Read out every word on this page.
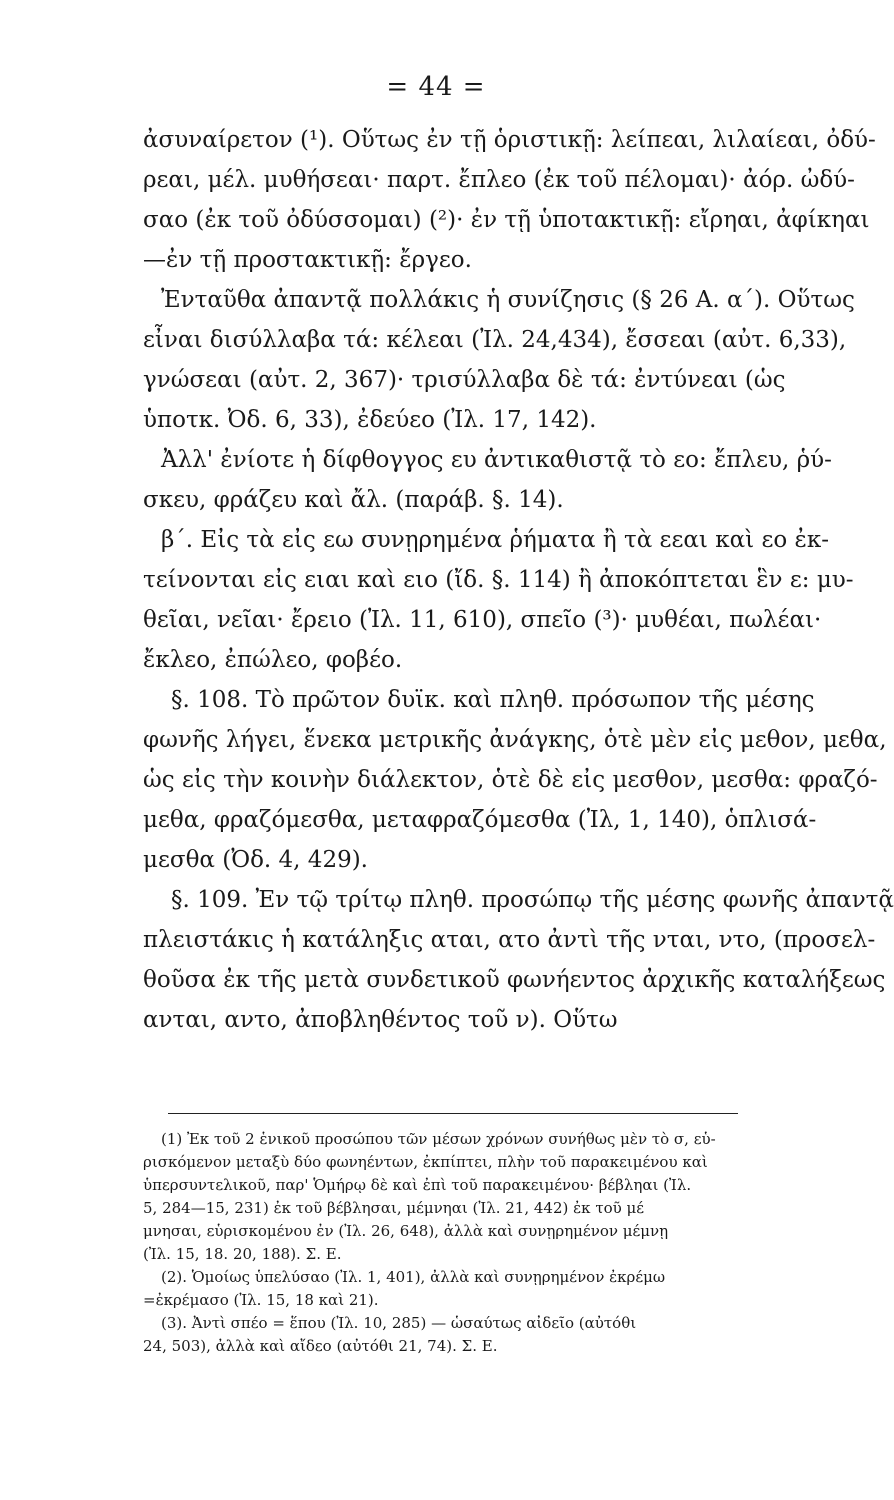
= 44 =
ἀσυναίρετον (¹). Οὕτως ἐν τῇ ὁριστικῇ: λείπεαι, λιλαίεαι, ὀδύ-
ρεαι, μέλ. μυθήσεαι· παρτ. ἔπλεο (ἐκ τοῦ πέλομαι)· ἀόρ. ὠδύ-
σαο (ἐκ τοῦ ὀδύσσομαι) (²)· ἐν τῇ ὑποτακτικῇ: εἴρηαι, ἀφίκηαι
—ἐν τῇ προστακτικῇ: ἔργεο.
Ἐνταῦθα ἀπαντᾷ πολλάκις ἡ συνίζησις (§ 26 Α. α΄). Οὕτως
εἶναι δισύλλαβα τά: κέλεαι (Ἰλ. 24,434), ἔσσεαι (αὐτ. 6,33),
γνώσεαι (αὐτ. 2, 367)· τρισύλλαβα δὲ τά: ἐντύνεαι (ὡς
ὑποτκ. Ὀδ. 6, 33), ἐδεύεο (Ἰλ. 17, 142).
Ἀλλ' ἐνίοτε ἡ δίφθογγος ευ ἀντικαθιστᾷ τὸ εο: ἔπλευ, ῥύ-
σκευ, φράζευ καὶ ἄλ. (παράβ. §. 14).
β΄. Εἰς τὰ εἰς εω συνῃρημένα ῥήματα ἢ τὰ εεαι καὶ εο ἐκ-
τείνονται εἰς ειαι καὶ ειο (ἴδ. §. 114) ἢ ἀποκόπτεται ἓν ε: μυ-
θεῖαι, νεῖαι· ἔρειο (Ἰλ. 11, 610), σπεῖο (³)· μυθέαι, πωλέαι·
ἔκλεο, ἐπώλεο, φοβέο.
§. 108. Τὸ πρῶτον δυϊκ. καὶ πληθ. πρόσωπον τῆς μέσης
φωνῆς λήγει, ἕνεκα μετρικῆς ἀνάγκης, ὁτὲ μὲν εἰς μεθον, μεθα,
ὡς εἰς τὴν κοινὴν διάλεκτον, ὁτὲ δὲ εἰς μεσθον, μεσθα: φραζό-
μεθα, φραζόμεσθα, μεταφραζόμεσθα (Ἰλ, 1, 140), ὁπλισά-
μεσθα (Ὀδ. 4, 429).
§. 109. Ἐν τῷ τρίτῳ πληθ. προσώπῳ τῆς μέσης φωνῆς ἀπαντᾷ
πλειστάκις ἡ κατάληξις αται, ατο ἀντὶ τῆς νται, ντο, (προσελ-
θοῦσα ἐκ τῆς μετὰ συνδετικοῦ φωνήεντος ἀρχικῆς καταλήξεως
ανται, αντο, ἀποβληθέντος τοῦ ν). Οὕτω
(1) Ἐκ τοῦ 2 ἑνικοῦ προσώπου τῶν μέσων χρόνων συνήθως μὲν τὸ σ, εὑ-
ρισκόμενον μεταξὺ δύο φωνηέντων, ἐκπίπτει, πλὴν τοῦ παρακειμένου καὶ
ὑπερσυντελικοῦ, παρ' Ὁμήρῳ δὲ καὶ ἐπὶ τοῦ παρακειμένου· βέβληαι (Ἰλ.
5, 284—15, 231) ἐκ τοῦ βέβλησαι, μέμνηαι (Ἰλ. 21, 442) ἐκ τοῦ μέ
μνησαι, εὑρισκομένου ἐν (Ἰλ. 26, 648), ἀλλὰ καὶ συνῃρημένον μέμνῃ
(Ἰλ. 15, 18. 20, 188). Σ. Ε.
(2). Ὁμοίως ὑπελύσαο (Ἰλ. 1, 401), ἀλλὰ καὶ συνῃρημένον ἐκρέμω
=ἐκρέμασο (Ἰλ. 15, 18 καὶ 21).
(3). Ἀντὶ σπέο = ἕπου (Ἰλ. 10, 285) — ὡσαύτως αἰδεῖο (αὐτόθι
24, 503), ἀλλὰ καὶ αἴδεο (αὐτόθι 21, 74). Σ. Ε.
